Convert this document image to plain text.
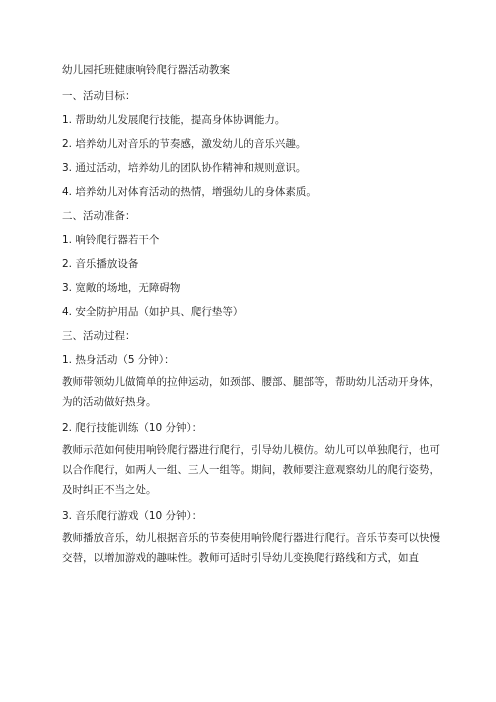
幼儿园托班健康响铃爬行器活动教案
一、活动目标：
1. 帮助幼儿发展爬行技能，提高身体协调能力。
2. 培养幼儿对音乐的节奏感，激发幼儿的音乐兴趣。
3. 通过活动，培养幼儿的团队协作精神和规则意识。
4. 培养幼儿对体育活动的热情，增强幼儿的身体素质。
二、活动准备：
1. 响铃爬行器若干个
2. 音乐播放设备
3. 宽敞的场地，无障碍物
4. 安全防护用品（如护具、爬行垫等）
三、活动过程：
1. 热身活动（5 分钟）：
教师带领幼儿做简单的拉伸运动，如颈部、腰部、腿部等，帮助幼儿活动开身体，为的活动做好热身。
2. 爬行技能训练（10 分钟）：
教师示范如何使用响铃爬行器进行爬行，引导幼儿模仿。幼儿可以单独爬行，也可以合作爬行，如两人一组、三人一组等。期间，教师要注意观察幼儿的爬行姿势，及时纠正不当之处。
3. 音乐爬行游戏（10 分钟）：
教师播放音乐，幼儿根据音乐的节奏使用响铃爬行器进行爬行。音乐节奏可以快慢交替，以增加游戏的趣味性。教师可适时引导幼儿变换爬行路线和方式，如直
